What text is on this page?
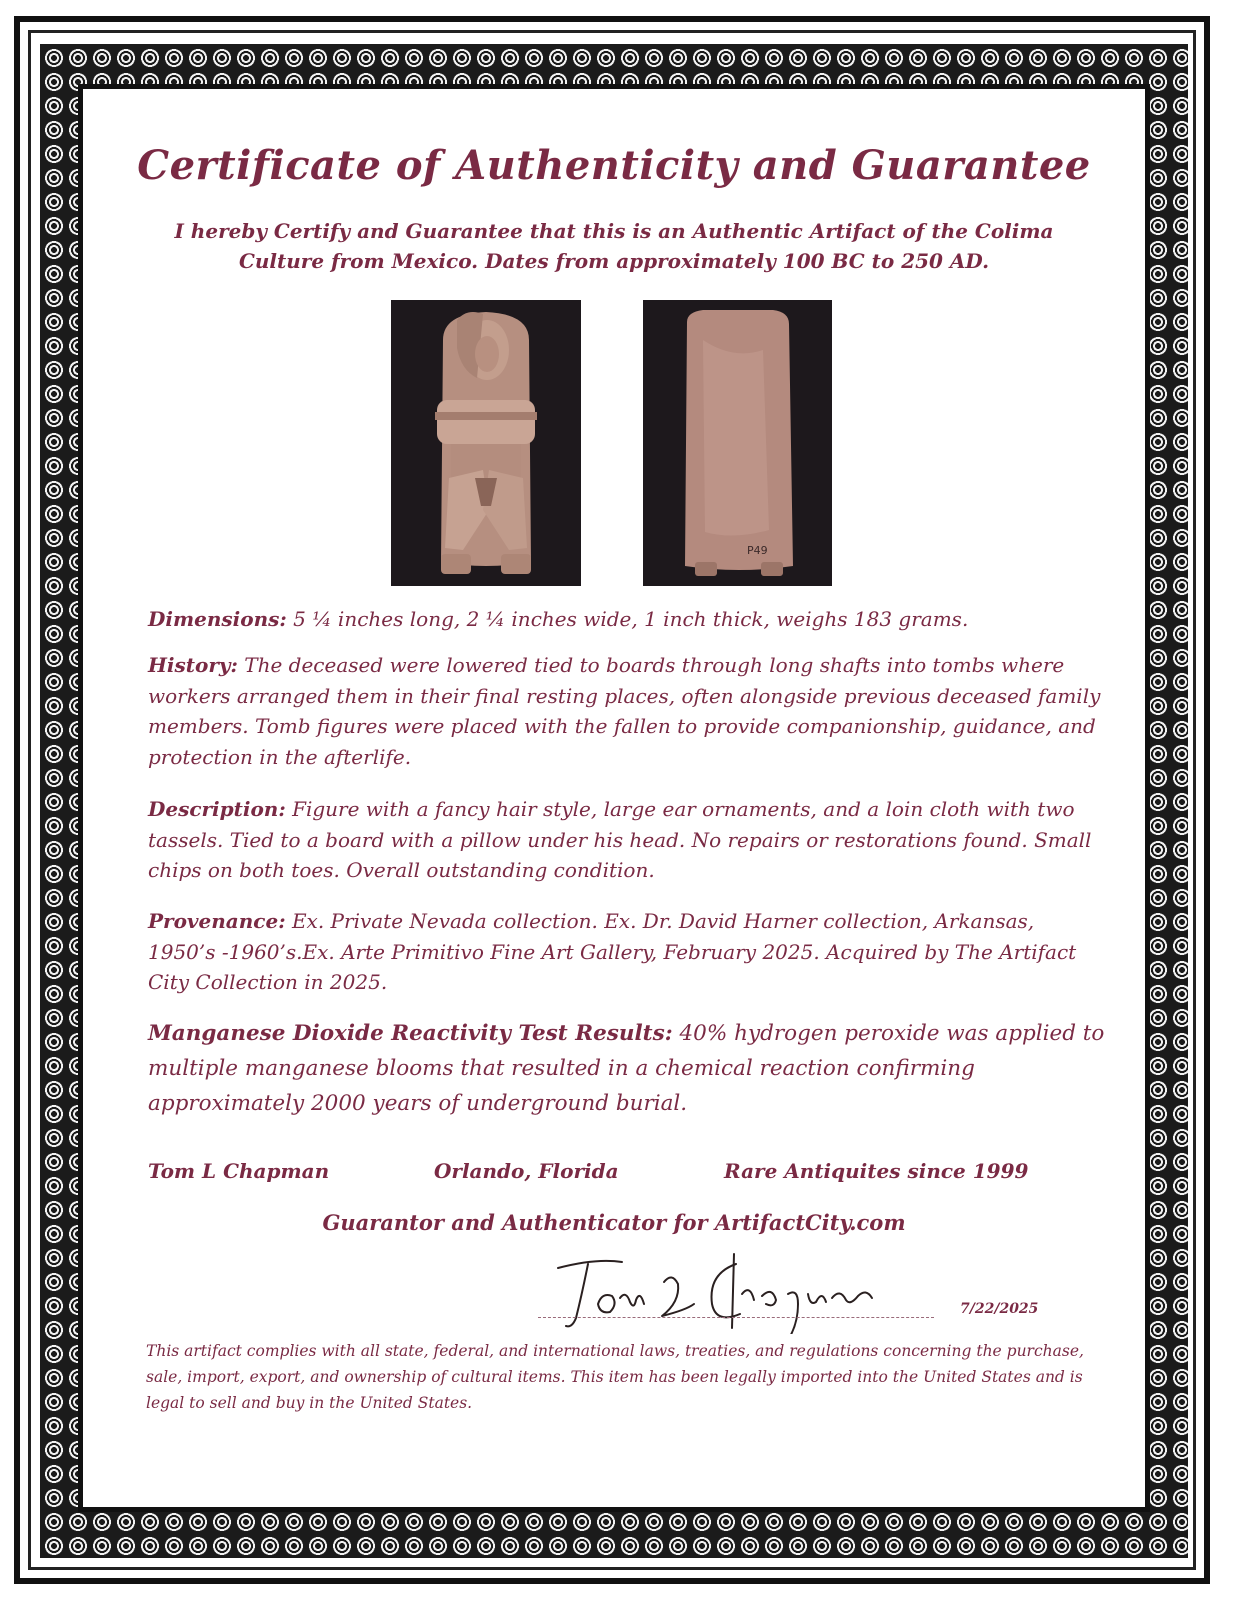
Certificate of Authenticity and Guarantee
I hereby Certify and Guarantee that this is an Authentic Artifact of the Colima Culture from Mexico. Dates from approximately 100 BC to 250 AD.
P49
Dimensions: 5 ¼ inches long, 2 ¼ inches wide, 1 inch thick, weighs 183 grams.
History: The deceased were lowered tied to boards through long shafts into tombs where workers arranged them in their final resting places, often alongside previous deceased family members. Tomb figures were placed with the fallen to provide companionship, guidance, and protection in the afterlife.
Description: Figure with a fancy hair style, large ear ornaments, and a loin cloth with two tassels. Tied to a board with a pillow under his head. No repairs or restorations found. Small chips on both toes. Overall outstanding condition.
Provenance: Ex. Private Nevada collection. Ex. Dr. David Harner collection, Arkansas, 1950’s -1960’s.Ex. Arte Primitivo Fine Art Gallery, February 2025. Acquired by The Artifact City Collection in 2025.
Manganese Dioxide Reactivity Test Results: 40% hydrogen peroxide was applied to multiple manganese blooms that resulted in a chemical reaction confirming approximately 2000 years of underground burial.
Tom L Chapman	Orlando, Florida	Rare Antiquites since 1999
Guarantor and Authenticator for ArtifactCity.com
7/22/2025
This artifact complies with all state, federal, and international laws, treaties, and regulations concerning the purchase, sale, import, export, and ownership of cultural items. This item has been legally imported into the United States and is legal to sell and buy in the United States.
